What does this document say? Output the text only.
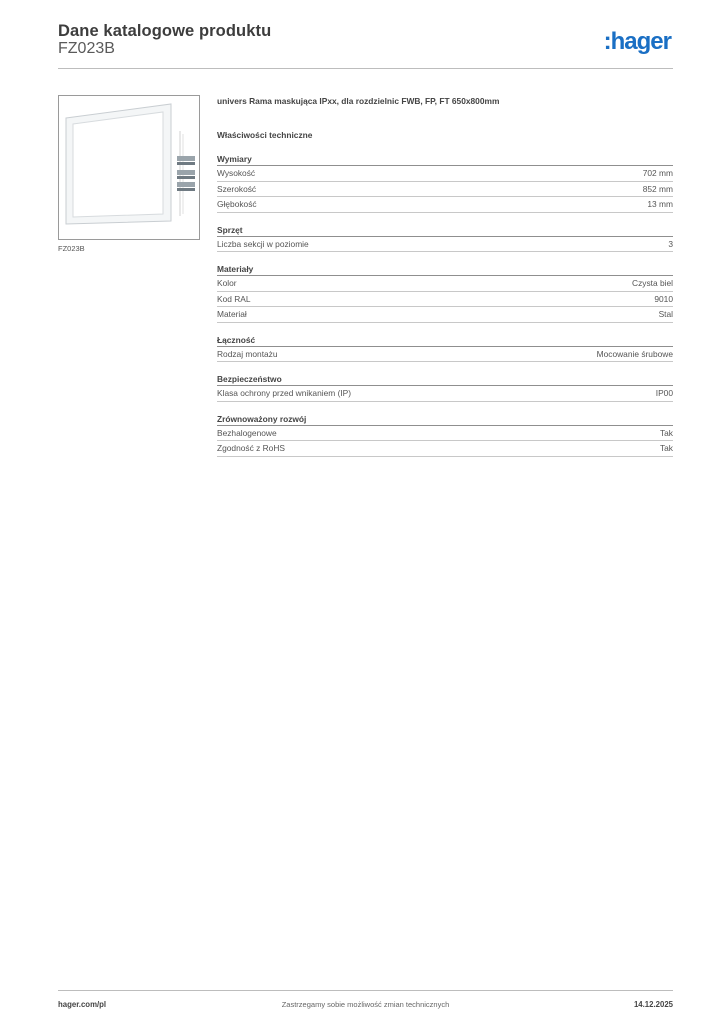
Dane katalogowe produktu
FZ023B	:hager
FZ023B
univers Rama maskująca IPxx, dla rozdzielnic FWB, FP, FT 650x800mm
Właściwości techniczne
Wymiary
Wysokość	702 mm
Szerokość	852 mm
Głębokość	13 mm
Sprzęt
Liczba sekcji w poziomie	3
Materiały
Kolor	Czysta biel
Kod RAL	9010
Materiał	Stal
Łączność
Rodzaj montażu	Mocowanie śrubowe
Bezpieczeństwo
Klasa ochrony przed wnikaniem (IP)	IP00
Zrównoważony rozwój
Bezhalogenowe	Tak
Zgodność z RoHS	Tak
hager.com/pl	Zastrzegamy sobie możliwość zmian technicznych	14.12.2025
